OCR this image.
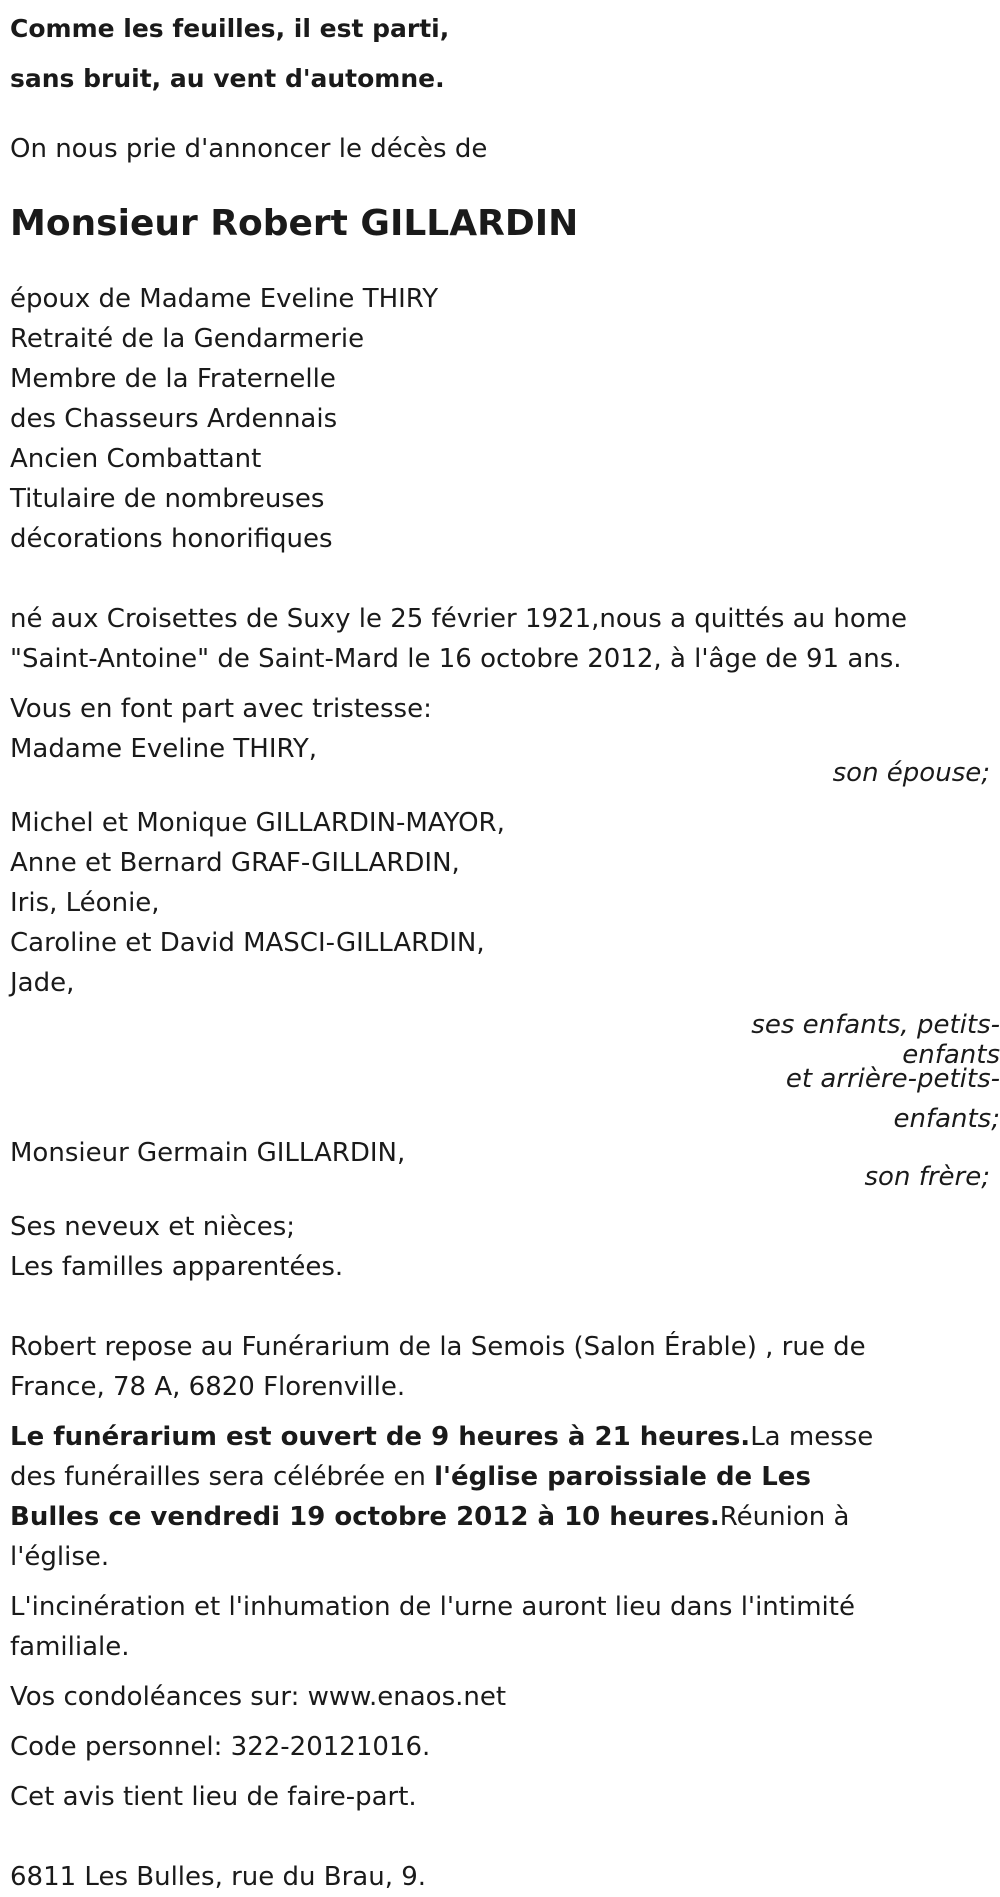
Comme les feuilles, il est parti,

sans bruit, au vent d'automne.

On nous prie d'annoncer le décès de

Monsieur Robert GILLARDIN

époux de Madame Eveline THIRY

Retraité de la Gendarmerie

Membre de la Fraternelle

des Chasseurs Ardennais

Ancien Combattant

Titulaire de nombreuses

décorations honorifiques

né aux Croisettes de Suxy le 25 février 1921,nous a quittés au home

"Saint-Antoine" de Saint-Mard le 16 octobre 2012, à l'âge de 91 ans.

Vous en font part avec tristesse:

Madame Eveline THIRY,

son épouse;

Michel et Monique GILLARDIN-MAYOR,

Anne et Bernard GRAF-GILLARDIN,

Iris, Léonie,

Caroline et David MASCI-GILLARDIN,

Jade,

ses enfants, petits-
enfants
et arrière-petits-
enfants;

Monsieur Germain GILLARDIN,

son frère;

Ses neveux et nièces;

Les familles apparentées.

Robert repose au Funérarium de la Semois (Salon Érable) , rue de

France, 78 A, 6820 Florenville.

Le funérarium est ouvert de 9 heures à 21 heures.La messe des funérailles sera célébrée en l'église paroissiale de Les Bulles ce vendredi 19 octobre 2012 à 10 heures.Réunion à l'église.

L'incinération et l'inhumation de l'urne auront lieu dans l'intimité familiale.

Vos condoléances sur: www.enaos.net

Code personnel: 322-20121016.

Cet avis tient lieu de faire-part.

6811 Les Bulles, rue du Brau, 9.
